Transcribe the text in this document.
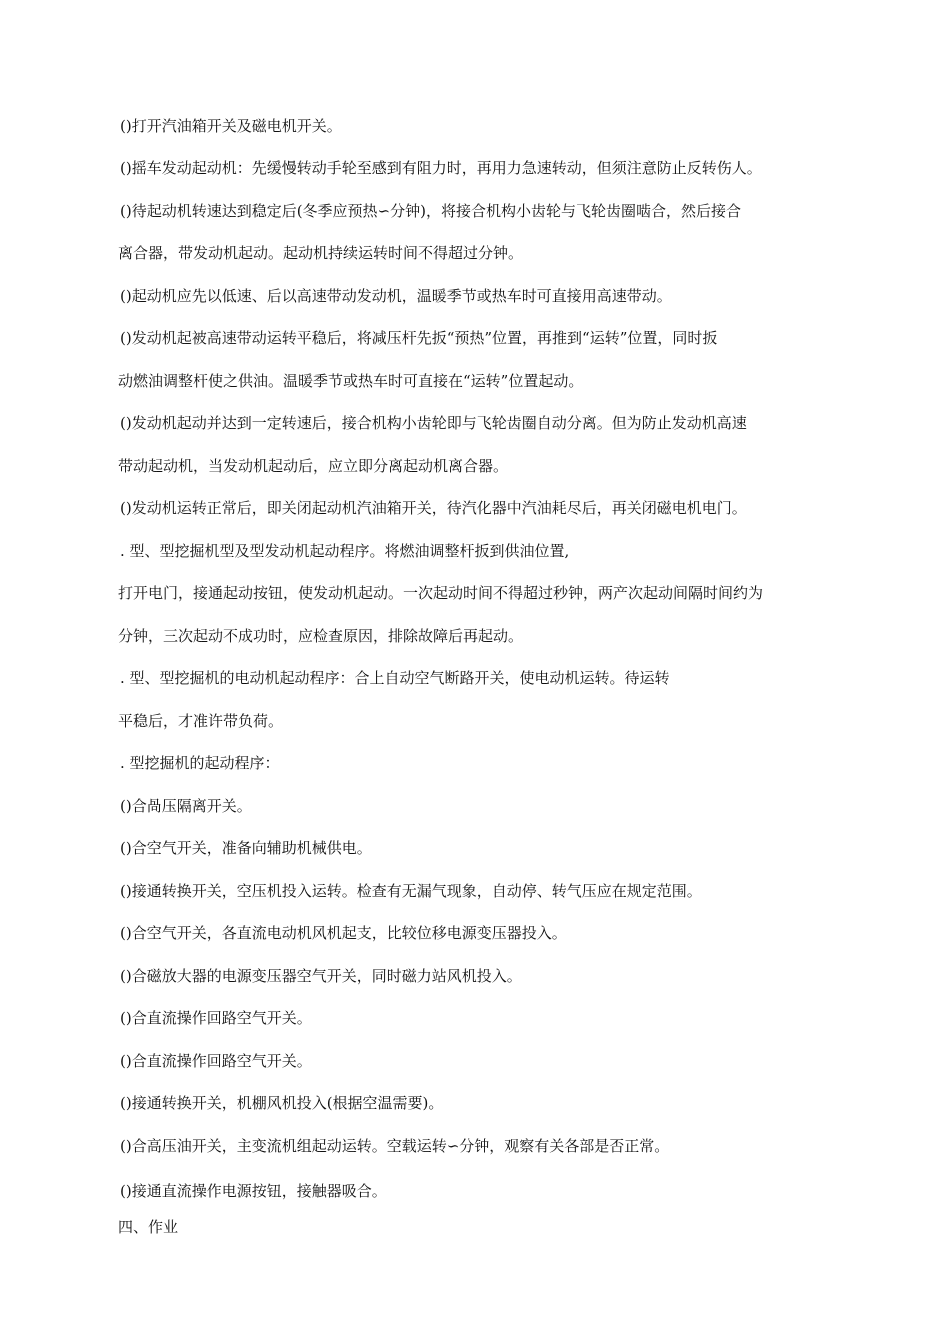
()打开汽油箱开关及磁电机开关。

()摇车发动起动机：先缓慢转动手轮至感到有阻力时，再用力急速转动，但须注意防止反转伤人。

()待起动机转速达到稳定后(冬季应预热∽分钟)，将接合机构小齿轮与飞轮齿圈啮合，然后接合

离合器，带发动机起动。起动机持续运转时间不得超过分钟。

()起动机应先以低速、后以高速带动发动机，温暖季节或热车时可直接用高速带动。

()发动机起被高速带动运转平稳后，将减压杆先扳“预热”位置，再推到“运转”位置，同时扳

动燃油调整杆使之供油。温暖季节或热车时可直接在“运转”位置起动。

()发动机起动并达到一定转速后，接合机构小齿轮即与飞轮齿圈自动分离。但为防止发动机高速

带动起动机，当发动机起动后，应立即分离起动机离合器。

()发动机运转正常后，即关闭起动机汽油箱开关，待汽化器中汽油耗尽后，再关闭磁电机电门。

. 型、型挖掘机型及型发动机起动程序。将燃油调整杆扳到供油位置,

打开电门，接通起动按钮，使发动机起动。一次起动时间不得超过秒钟，两产次起动间隔时间约为

分钟，三次起动不成功时，应检查原因，排除故障后再起动。

. 型、型挖掘机的电动机起动程序：合上自动空气断路开关，使电动机运转。待运转

平稳后，才准许带负荷。

. 型挖掘机的起动程序：

()合咼压隔离开关。

()合空气开关，准备向辅助机械供电。

()接通转换开关，空压机投入运转。检查有无漏气现象，自动停、转气压应在规定范围。

()合空气开关，各直流电动机风机起支，比较位移电源变压器投入。

()合磁放大器的电源变压器空气开关，同时磁力站风机投入。

()合直流操作回路空气开关。

()合直流操作回路空气开关。

()接通转换开关，机棚风机投入(根据空温需要)。

()合高压油开关，主变流机组起动运转。空载运转∽分钟，观察有关各部是否正常。

()接通直流操作电源按钮，接触器吸合。

四、作业
